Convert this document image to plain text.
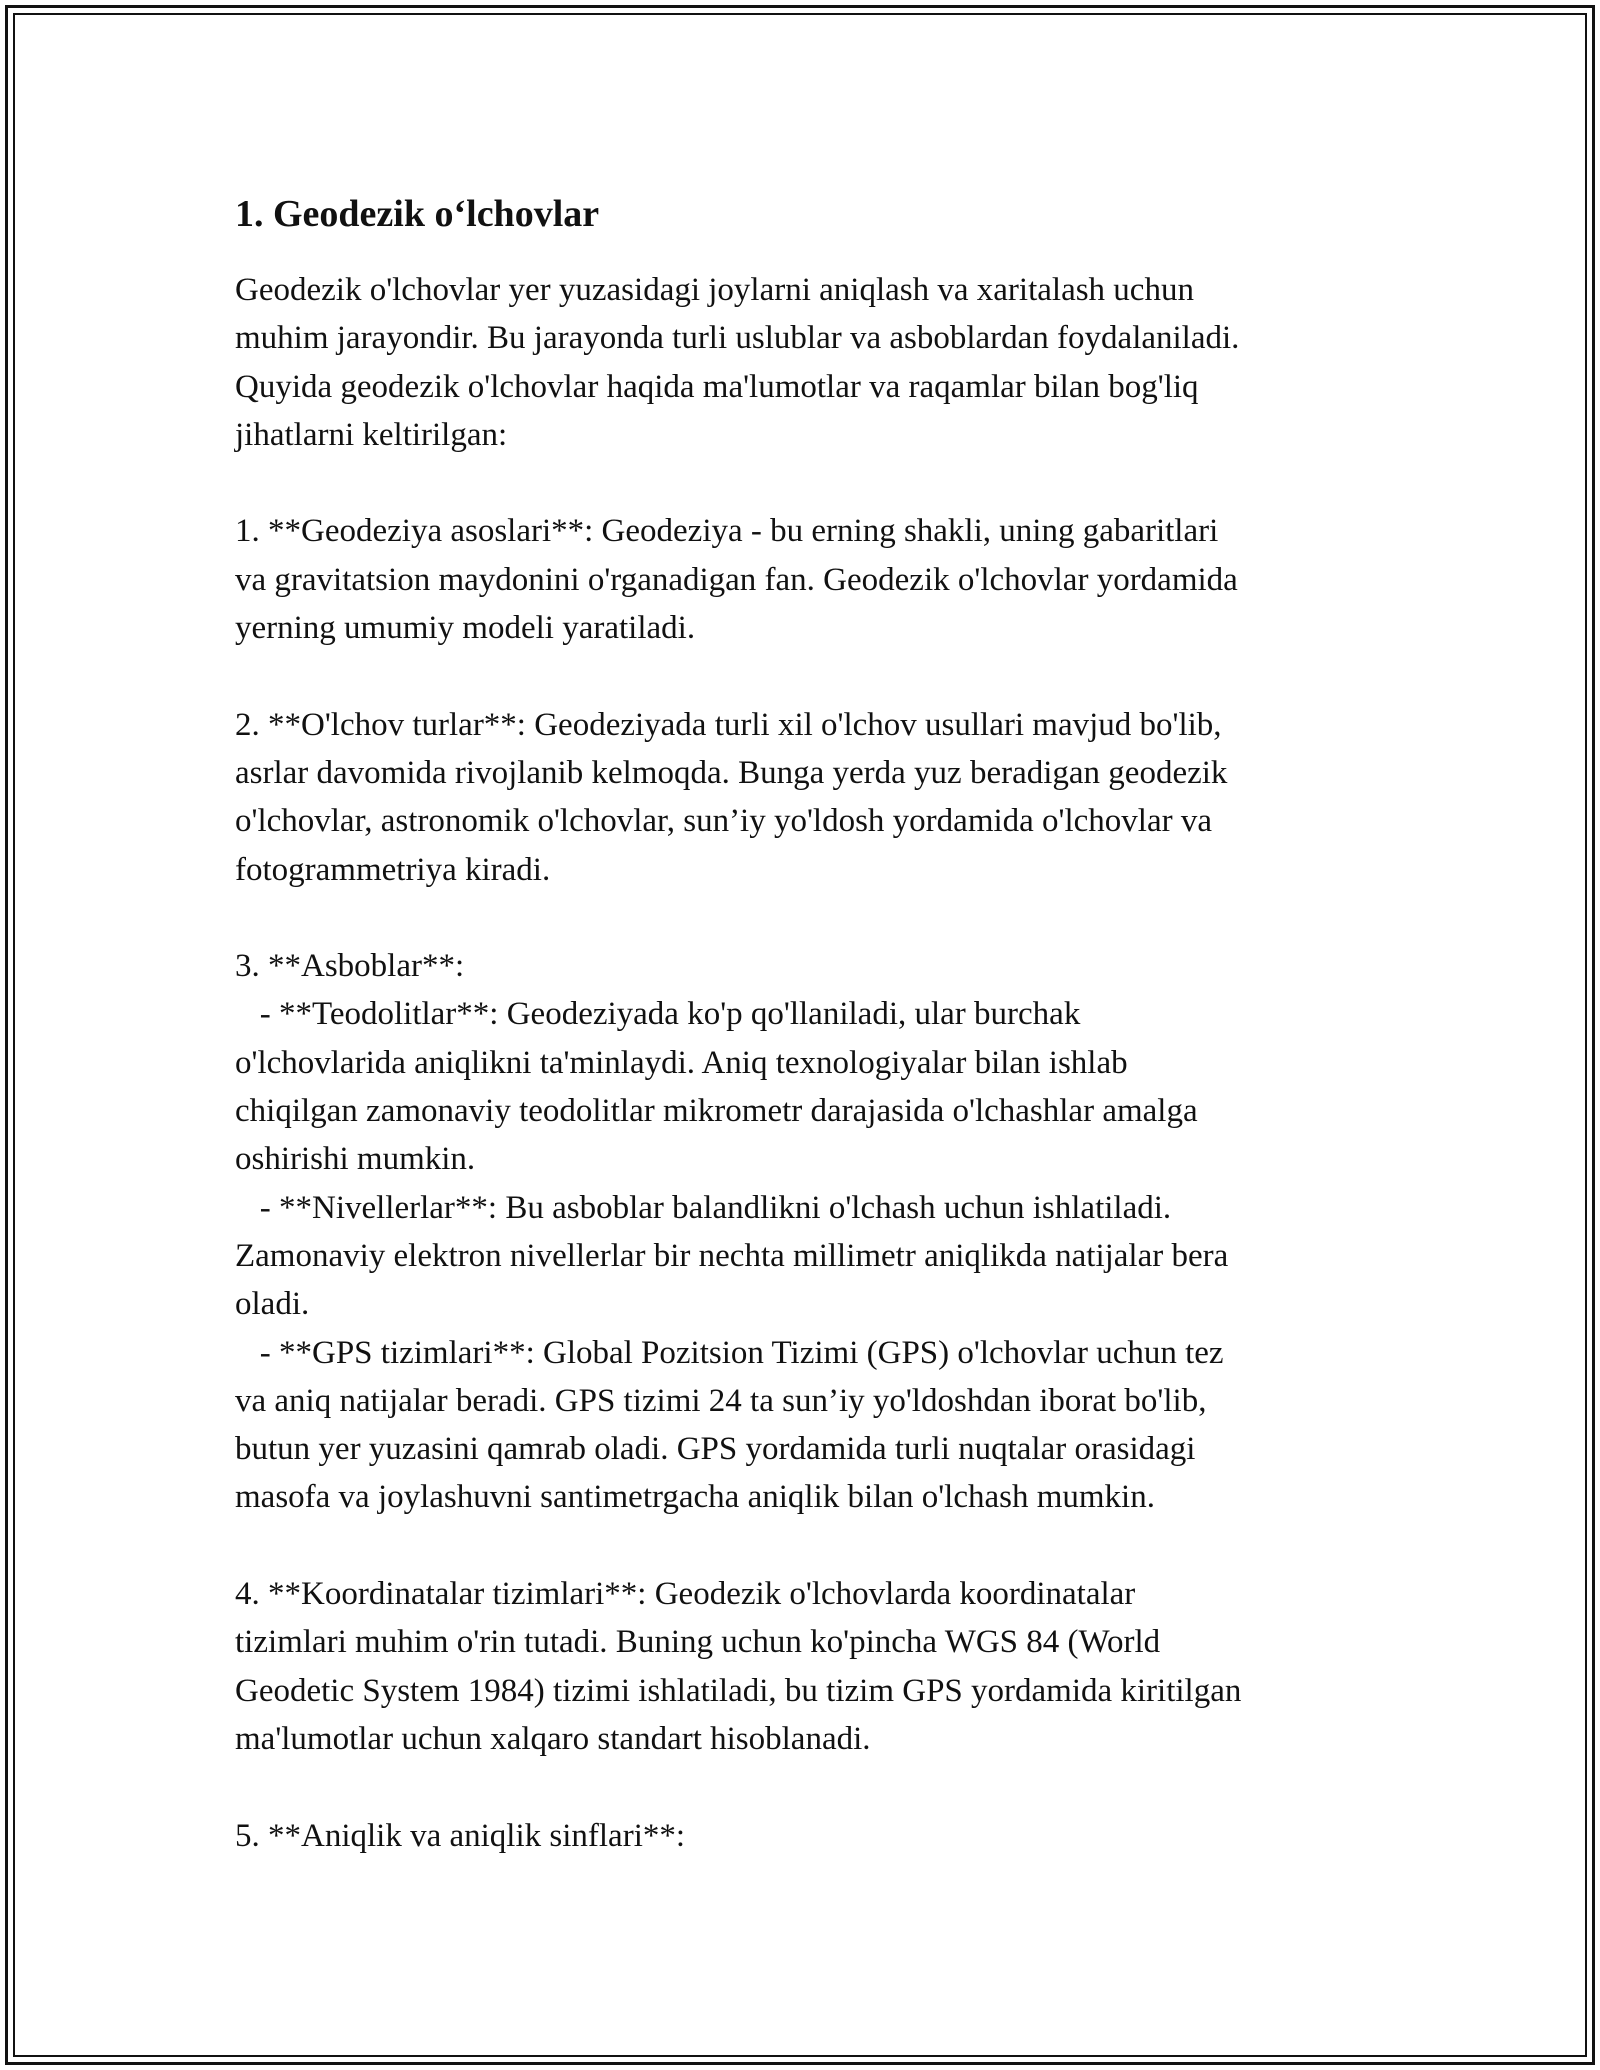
1. Geodezik o‘lchovlar

Geodezik o'lchovlar yer yuzasidagi joylarni aniqlash va xaritalash uchun
muhim jarayondir. Bu jarayonda turli uslublar va asboblardan foydalaniladi.
Quyida geodezik o'lchovlar haqida ma'lumotlar va raqamlar bilan bog'liq
jihatlarni keltirilgan:

1. **Geodeziya asoslari**: Geodeziya - bu erning shakli, uning gabaritlari
va gravitatsion maydonini o'rganadigan fan. Geodezik o'lchovlar yordamida
yerning umumiy modeli yaratiladi.

2. **O'lchov turlar**: Geodeziyada turli xil o'lchov usullari mavjud bo'lib,
asrlar davomida rivojlanib kelmoqda. Bunga yerda yuz beradigan geodezik
o'lchovlar, astronomik o'lchovlar, sun’iy yo'ldosh yordamida o'lchovlar va
fotogrammetriya kiradi.

3. **Asboblar**:
- **Teodolitlar**: Geodeziyada ko'p qo'llaniladi, ular burchak
o'lchovlarida aniqlikni ta'minlaydi. Aniq texnologiyalar bilan ishlab
chiqilgan zamonaviy teodolitlar mikrometr darajasida o'lchashlar amalga
oshirishi mumkin.
- **Nivellerlar**: Bu asboblar balandlikni o'lchash uchun ishlatiladi.
Zamonaviy elektron nivellerlar bir nechta millimetr aniqlikda natijalar bera
oladi.
- **GPS tizimlari**: Global Pozitsion Tizimi (GPS) o'lchovlar uchun tez
va aniq natijalar beradi. GPS tizimi 24 ta sun’iy yo'ldoshdan iborat bo'lib,
butun yer yuzasini qamrab oladi. GPS yordamida turli nuqtalar orasidagi
masofa va joylashuvni santimetrgacha aniqlik bilan o'lchash mumkin.

4. **Koordinatalar tizimlari**: Geodezik o'lchovlarda koordinatalar
tizimlari muhim o'rin tutadi. Buning uchun ko'pincha WGS 84 (World
Geodetic System 1984) tizimi ishlatiladi, bu tizim GPS yordamida kiritilgan
ma'lumotlar uchun xalqaro standart hisoblanadi.

5. **Aniqlik va aniqlik sinflari**:
